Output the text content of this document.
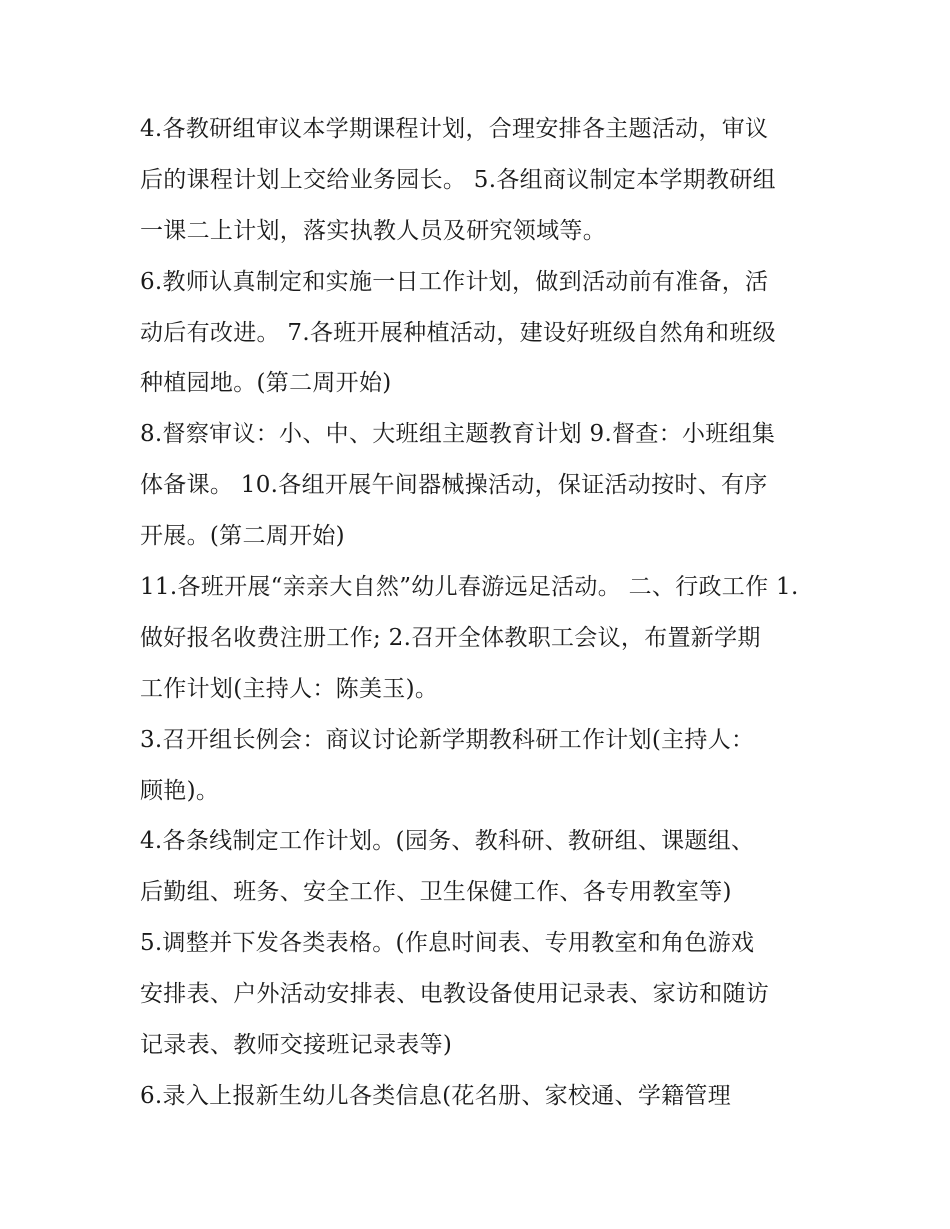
4.各教研组审议本学期课程计划，合理安排各主题活动，审议
后的课程计划上交给业务园长。 5.各组商议制定本学期教研组
一课二上计划，落实执教人员及研究领域等。
6.教师认真制定和实施一日工作计划，做到活动前有准备，活
动后有改进。 7.各班开展种植活动，建设好班级自然角和班级
种植园地。(第二周开始)
8.督察审议：小、中、大班组主题教育计划 9.督查：小班组集
体备课。 10.各组开展午间器械操活动，保证活动按时、有序
开展。(第二周开始)
11.各班开展“亲亲大自然”幼儿春游远足活动。 二、行政工作 1.
做好报名收费注册工作; 2.召开全体教职工会议，布置新学期
工作计划(主持人：陈美玉)。
3.召开组长例会：商议讨论新学期教科研工作计划(主持人：
顾艳)。
4.各条线制定工作计划。(园务、教科研、教研组、课题组、
后勤组、班务、安全工作、卫生保健工作、各专用教室等)
5.调整并下发各类表格。(作息时间表、专用教室和角色游戏
安排表、户外活动安排表、电教设备使用记录表、家访和随访
记录表、教师交接班记录表等)
6.录入上报新生幼儿各类信息(花名册、家校通、学籍管理
